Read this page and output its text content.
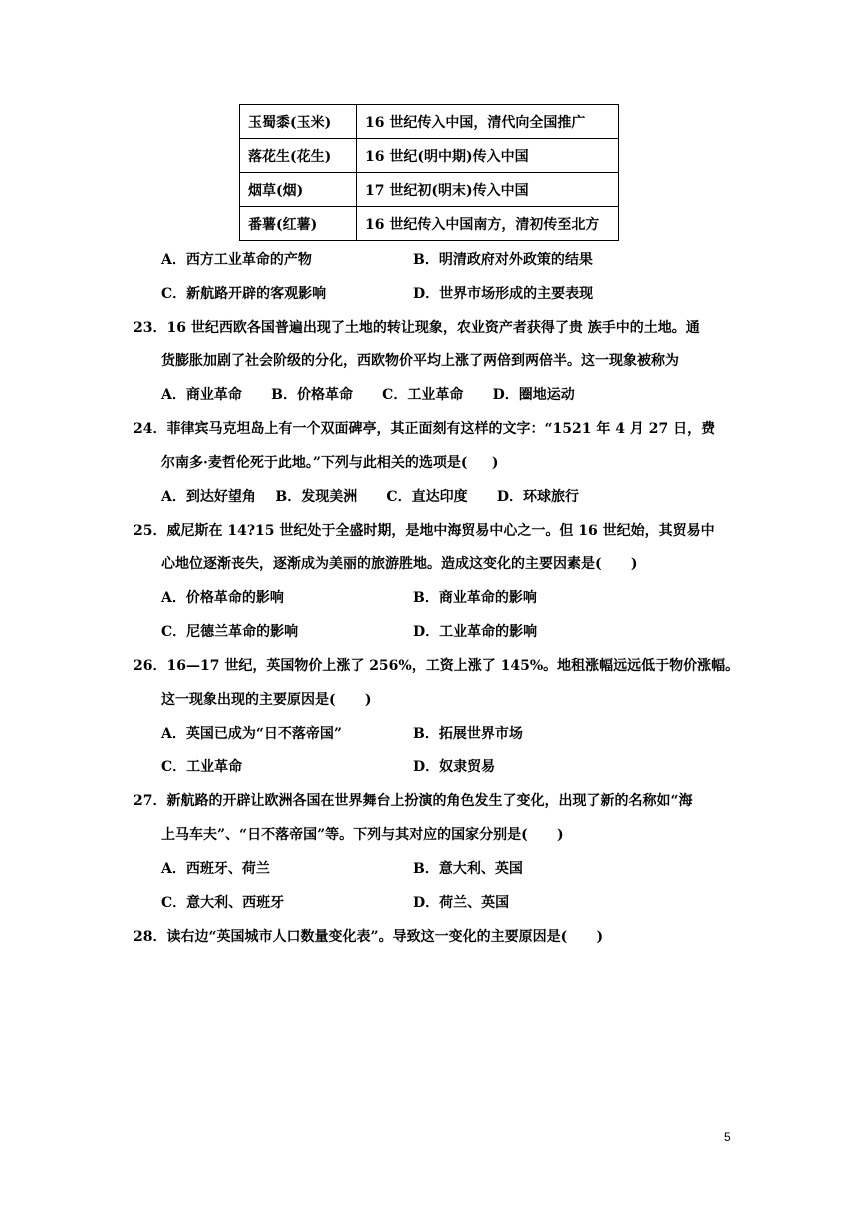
玉蜀黍(玉米)	16 世纪传入中国，清代向全国推广
落花生(花生)	16 世纪(明中期)传入中国
烟草(烟)	17 世纪初(明末)传入中国
番薯(红薯)	16 世纪传入中国南方，清初传至北方
A．西方工业革命的产物	B．明清政府对外政策的结果
C．新航路开辟的客观影响	D．世界市场形成的主要表现
23．16 世纪西欧各国普遍出现了土地的转让现象，农业资产者获得了贵 族手中的土地。通
货膨胀加剧了社会阶级的分化，西欧物价平均上涨了两倍到两倍半。这一现象被称为
A．商业革命      B．价格革命      C．工业革命      D．圈地运动
24．菲律宾马克坦岛上有一个双面碑亭，其正面刻有这样的文字：“1521 年 4 月 27 日，费
尔南多·麦哲伦死于此地。”下列与此相关的选项是(     )
A．到达好望角    B．发现美洲      C．直达印度      D．环球旅行
25．威尼斯在 14?15 世纪处于全盛时期，是地中海贸易中心之一。但 16 世纪始，其贸易中
心地位逐渐丧失，逐渐成为美丽的旅游胜地。造成这变化的主要因素是(      )
A．价格革命的影响	B．商业革命的影响
C．尼德兰革命的影响	D．工业革命的影响
26．16—17 世纪，英国物价上涨了 256%，工资上涨了 145%。地租涨幅远远低于物价涨幅。
这一现象出现的主要原因是(      )
A．英国已成为“日不落帝国”	B．拓展世界市场
C．工业革命	D．奴隶贸易
27．新航路的开辟让欧洲各国在世界舞台上扮演的角色发生了变化，出现了新的名称如“海
上马车夫”、“日不落帝国”等。下列与其对应的国家分别是(      )
A．西班牙、荷兰	B．意大利、英国
C．意大利、西班牙	D．荷兰、英国
28．读右边“英国城市人口数量变化表”。导致这一变化的主要原因是(      )
5
